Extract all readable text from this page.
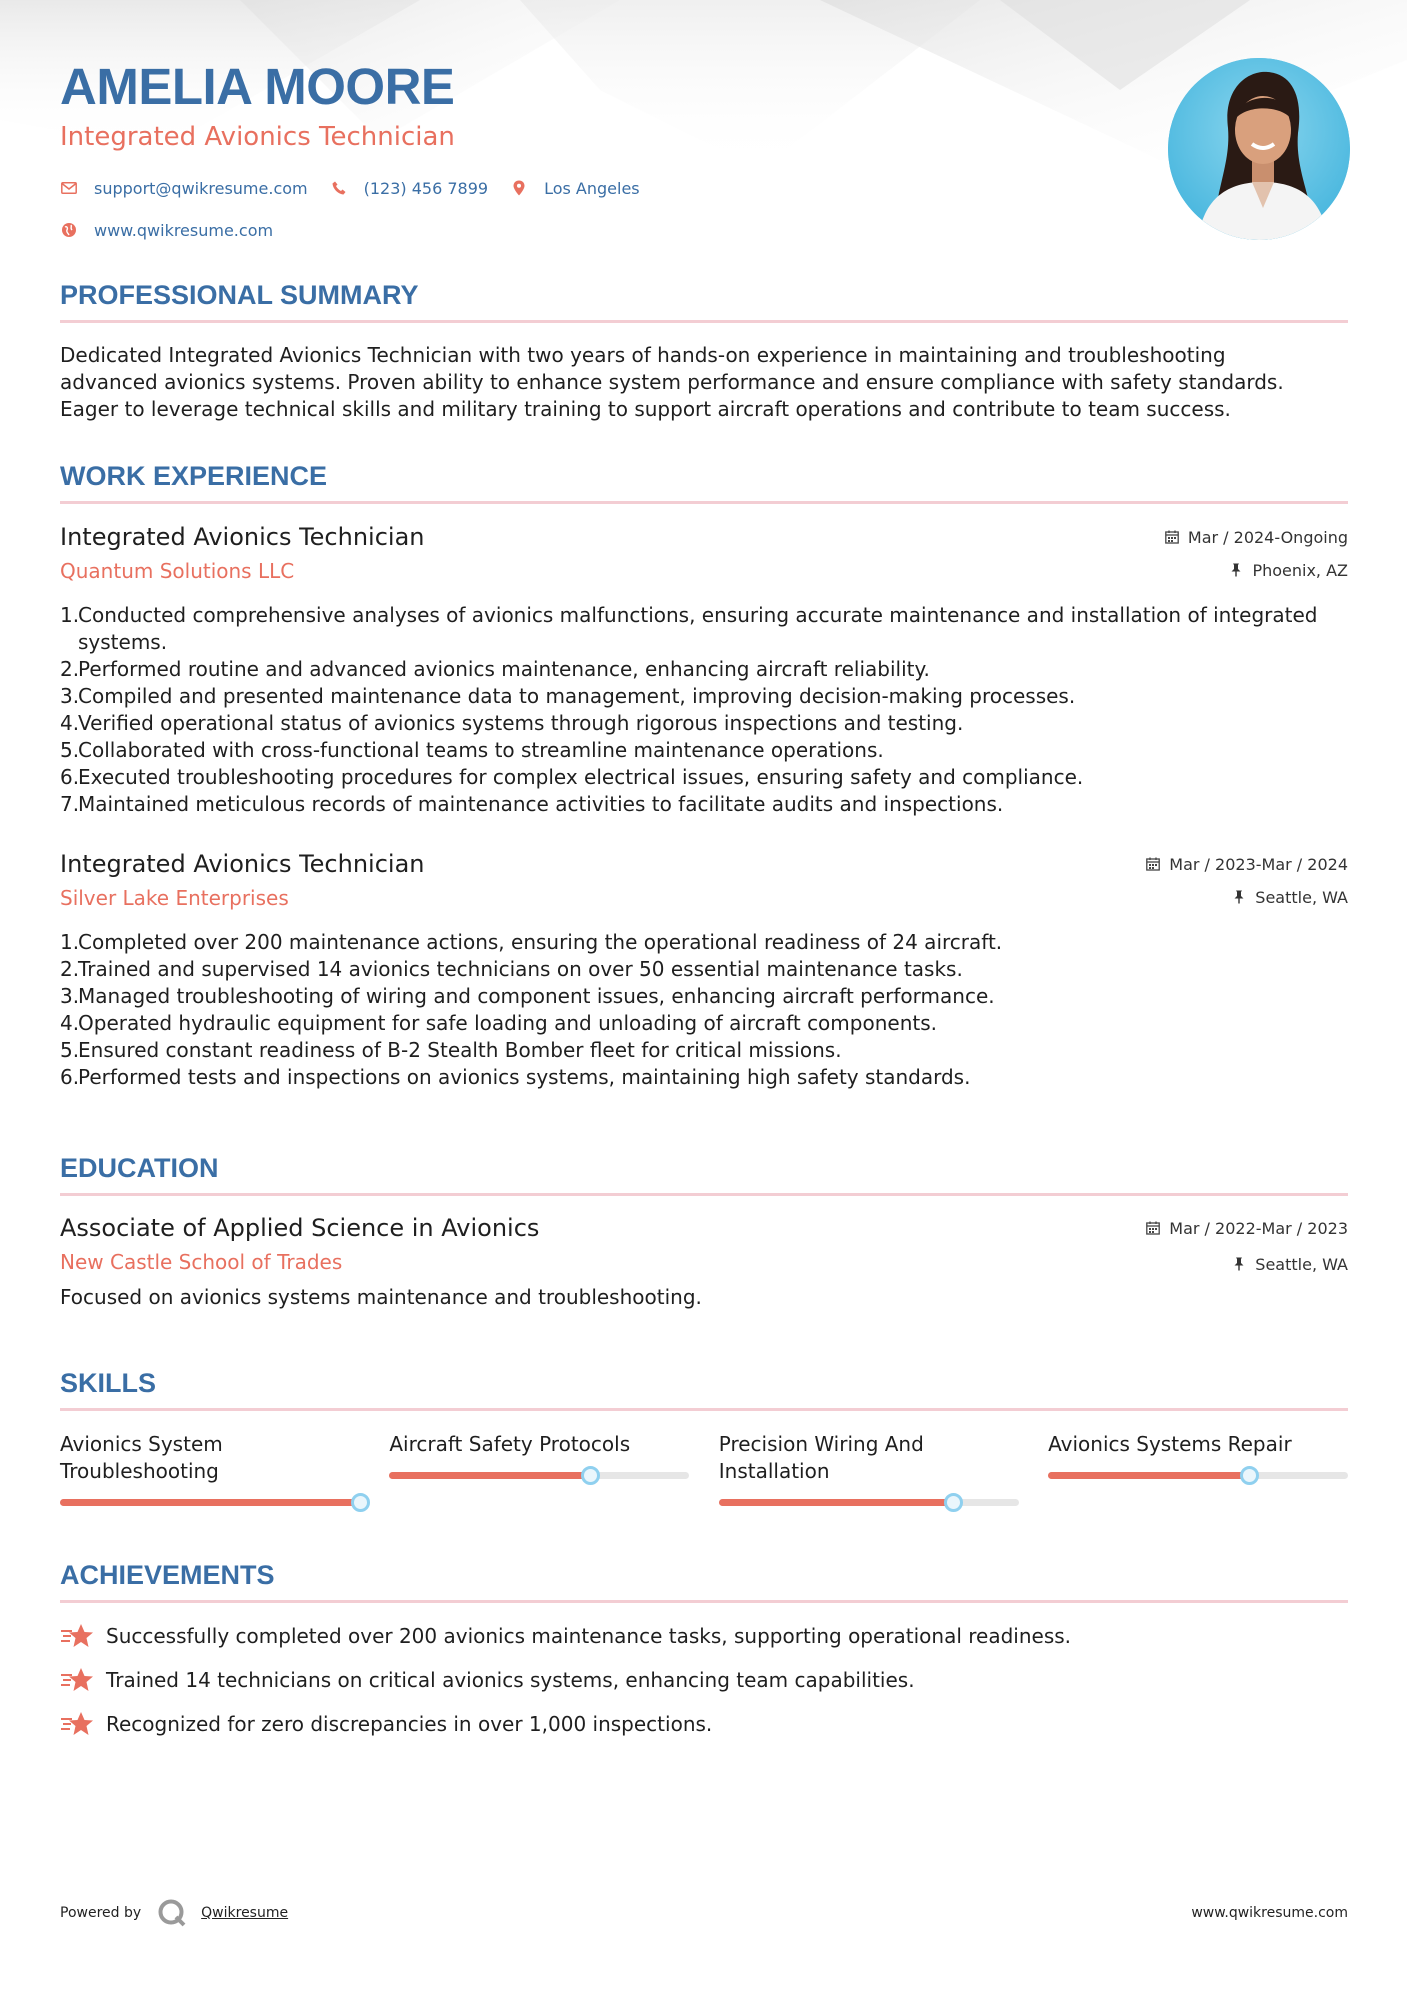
AMELIA MOORE
Integrated Avionics Technician
support@qwikresume.com	(123) 456 7899	Los Angeles
www.qwikresume.com
PROFESSIONAL SUMMARY
Dedicated Integrated Avionics Technician with two years of hands-on experience in maintaining and troubleshooting
advanced avionics systems. Proven ability to enhance system performance and ensure compliance with safety standards.
Eager to leverage technical skills and military training to support aircraft operations and contribute to team success.
WORK EXPERIENCE
Integrated Avionics Technician
Quantum Solutions LLC
Mar / 2024-Ongoing
Phoenix, AZ
1.
Conducted comprehensive analyses of avionics malfunctions, ensuring accurate maintenance and installation of integrated systems.
2.
Performed routine and advanced avionics maintenance, enhancing aircraft reliability.
3.
Compiled and presented maintenance data to management, improving decision-making processes.
4.
Verified operational status of avionics systems through rigorous inspections and testing.
5.
Collaborated with cross-functional teams to streamline maintenance operations.
6.
Executed troubleshooting procedures for complex electrical issues, ensuring safety and compliance.
7.
Maintained meticulous records of maintenance activities to facilitate audits and inspections.
Integrated Avionics Technician
Silver Lake Enterprises
Mar / 2023-Mar / 2024
Seattle, WA
1.
Completed over 200 maintenance actions, ensuring the operational readiness of 24 aircraft.
2.
Trained and supervised 14 avionics technicians on over 50 essential maintenance tasks.
3.
Managed troubleshooting of wiring and component issues, enhancing aircraft performance.
4.
Operated hydraulic equipment for safe loading and unloading of aircraft components.
5.
Ensured constant readiness of B-2 Stealth Bomber fleet for critical missions.
6.
Performed tests and inspections on avionics systems, maintaining high safety standards.
EDUCATION
Associate of Applied Science in Avionics
New Castle School of Trades
Mar / 2022-Mar / 2023
Seattle, WA
Focused on avionics systems maintenance and troubleshooting.
SKILLS
Avionics System Troubleshooting
Aircraft Safety Protocols	Precision Wiring And Installation
Avionics Systems Repair
ACHIEVEMENTS
Successfully completed over 200 avionics maintenance tasks, supporting operational readiness.
Trained 14 technicians on critical avionics systems, enhancing team capabilities.
Recognized for zero discrepancies in over 1,000 inspections.
Powered by	Qwikresume	www.qwikresume.com
